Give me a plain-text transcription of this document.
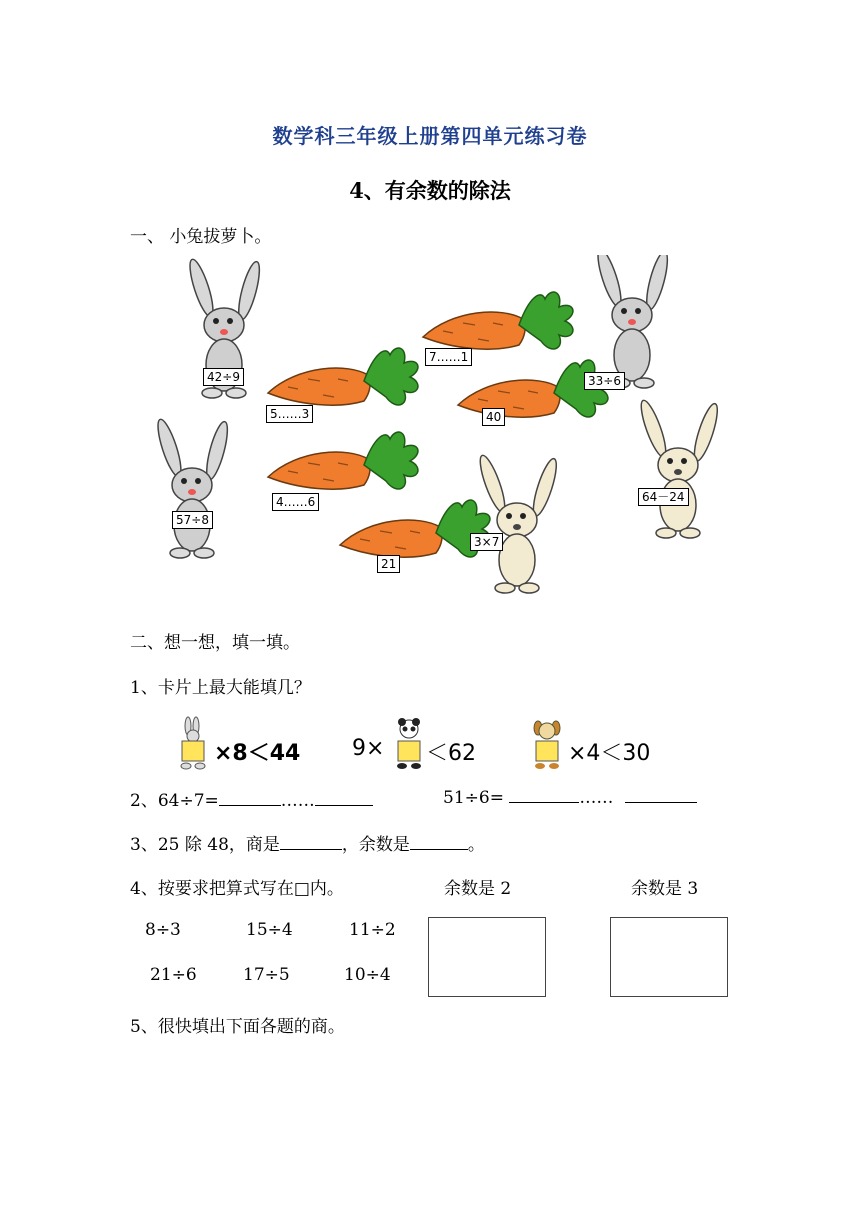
数学科三年级上册第四单元练习卷
4、有余数的除法
一、 小兔拔萝卜。
42÷9	33÷6
57÷8
64－24
3×7
5……3
7……1
40
4……6
21
二、想一想，填一填。
1、卡片上最大能填几？
×8＜44 9× ＜62	×4＜30
2、64÷7=	……	51÷6=	……
3、25 除 48，商是	，余数是	。
4、按要求把算式写在□内。	余数是 2	余数是 3
8÷3	15÷4	11÷2
21÷6	17÷5	10÷4
5、很快填出下面各题的商。
